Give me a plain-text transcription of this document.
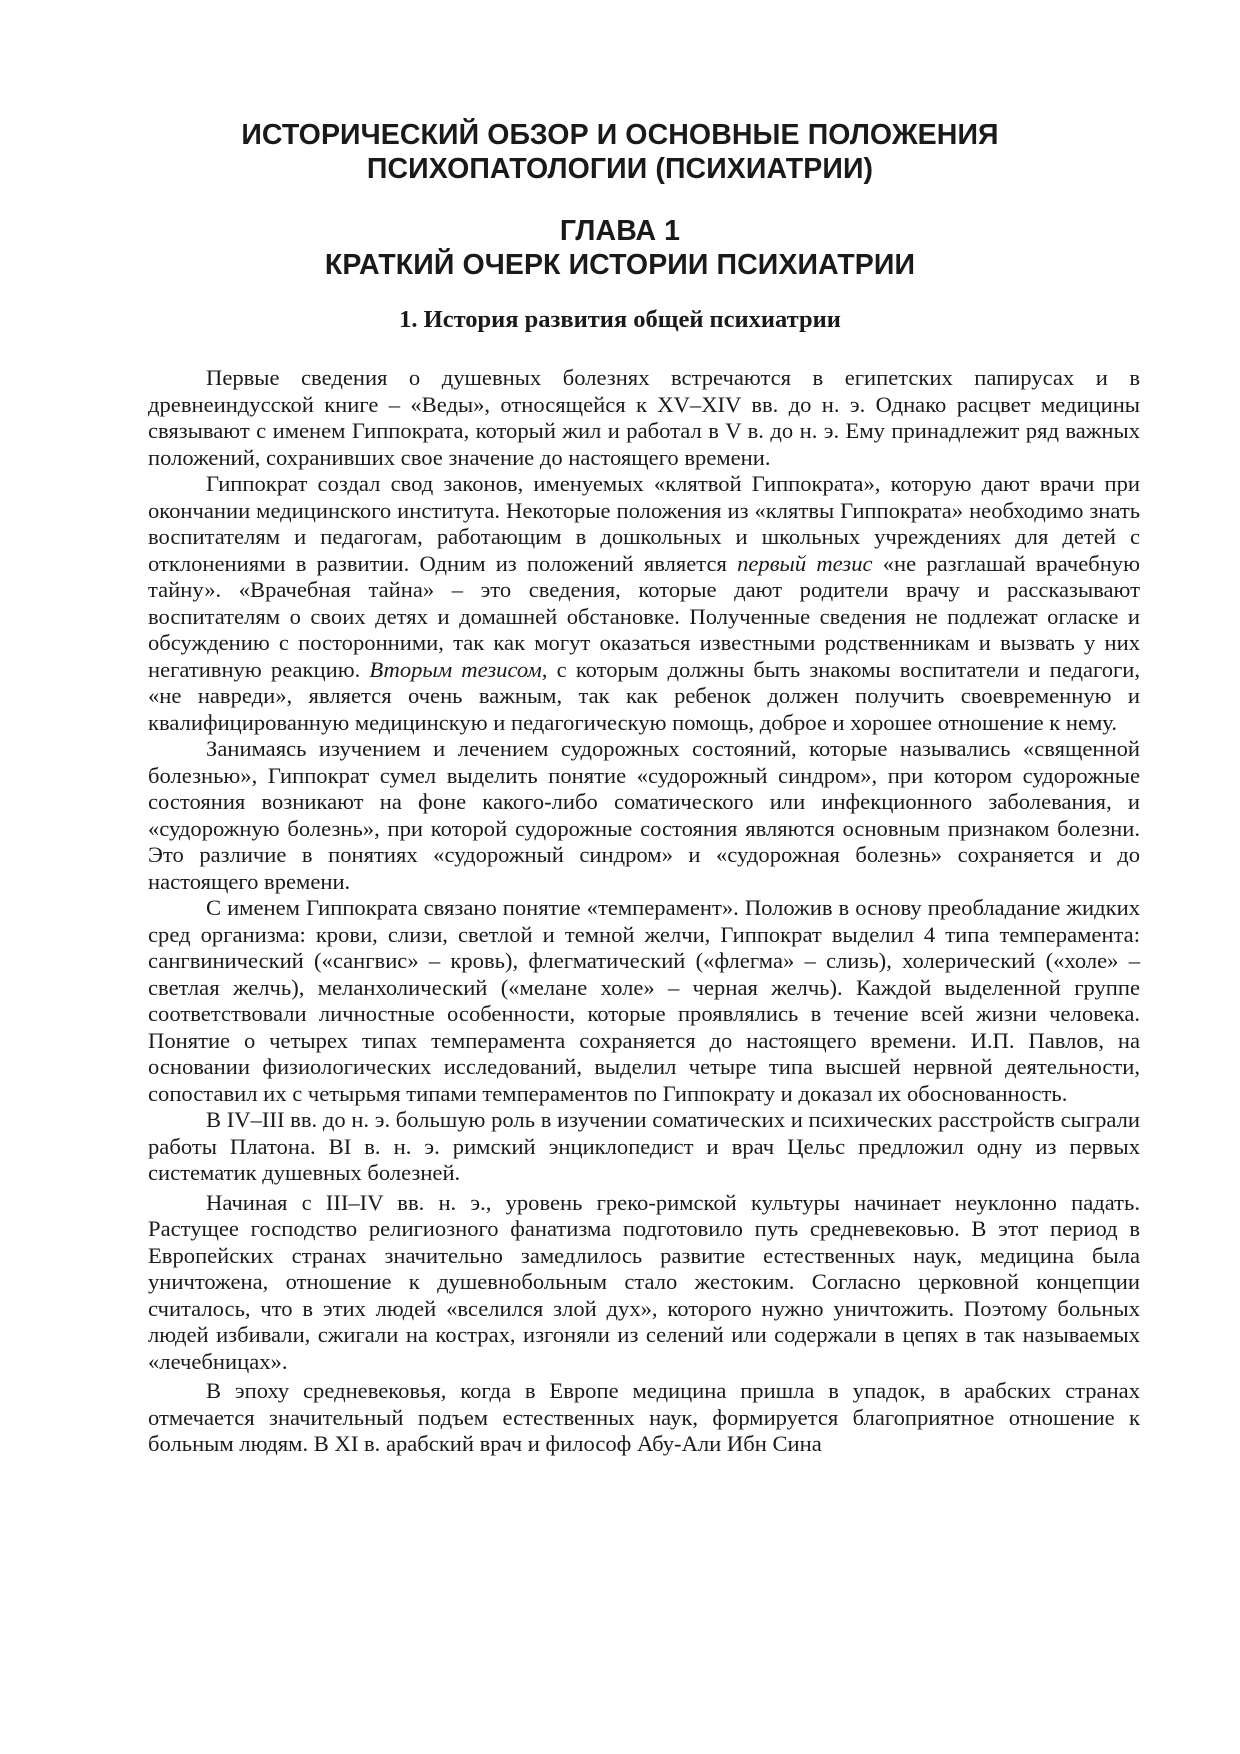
ИСТОРИЧЕСКИЙ ОБЗОР И ОСНОВНЫЕ ПОЛОЖЕНИЯ
ПСИХОПАТОЛОГИИ (ПСИХИАТРИИ)
ГЛАВА 1
КРАТКИЙ ОЧЕРК ИСТОРИИ ПСИХИАТРИИ
1. История развития общей психиатрии

Первые сведения о душевных болезнях встречаются в египетских папирусах и в древнеиндусской книге – «Веды», относящейся к XV–XIV вв. до н. э. Однако расцвет медицины связывают с именем Гиппократа, который жил и работал в V в. до н. э. Ему принадлежит ряд важных положений, сохранивших свое значение до настоящего времени.

Гиппократ создал свод законов, именуемых «клятвой Гиппократа», которую дают врачи при окончании медицинского института. Некоторые положения из «клятвы Гиппократа» необходимо знать воспитателям и педагогам, работающим в дошкольных и школьных учреждениях для детей с отклонениями в развитии. Одним из положений является первый тезис «не разглашай врачебную тайну». «Врачебная тайна» – это сведения, которые дают родители врачу и рассказывают воспитателям о своих детях и домашней обстановке. Полученные сведения не подлежат огласке и обсуждению с посторонними, так как могут оказаться известными родственникам и вызвать у них негативную реакцию. Вторым тезисом, с которым должны быть знакомы воспитатели и педагоги, «не навреди», является очень важным, так как ребенок должен получить своевременную и квалифицированную медицинскую и педагогическую помощь, доброе и хорошее отношение к нему.

Занимаясь изучением и лечением судорожных состояний, которые назывались «священной болезнью», Гиппократ сумел выделить понятие «судорожный синдром», при котором судорожные состояния возникают на фоне какого-либо соматического или инфекционного заболевания, и «судорожную болезнь», при которой судорожные состояния являются основным признаком болезни. Это различие в понятиях «судорожный синдром» и «судорожная болезнь» сохраняется и до настоящего времени.

С именем Гиппократа связано понятие «темперамент». Положив в основу преобладание жидких сред организма: крови, слизи, светлой и темной желчи, Гиппократ выделил 4 типа темперамента: сангвинический («сангвис» – кровь), флегматический («флегма» – слизь), холерический («холе» – светлая желчь), меланхолический («мелане холе» – черная желчь). Каждой выделенной группе соответствовали личностные особенности, которые проявлялись в течение всей жизни человека. Понятие о четырех типах темперамента сохраняется до настоящего времени. И.П. Павлов, на основании физиологических исследований, выделил четыре типа высшей нервной деятельности, сопоставил их с четырьмя типами темпераментов по Гиппократу и доказал их обоснованность.

В IV–III вв. до н. э. большую роль в изучении соматических и психических расстройств сыграли работы Платона. BI в. н. э. римский энциклопедист и врач Цельс предложил одну из первых систематик душевных болезней.

Начиная с III–IV вв. н. э., уровень греко-римской культуры начинает неуклонно падать. Растущее господство религиозного фанатизма подготовило путь средневековью. В этот период в Европейских странах значительно замедлилось развитие естественных наук, медицина была уничтожена, отношение к душевнобольным стало жестоким. Согласно церковной концепции считалось, что в этих людей «вселился злой дух», которого нужно уничтожить. Поэтому больных людей избивали, сжигали на кострах, изгоняли из селений или содержали в цепях в так называемых «лечебницах».

В эпоху средневековья, когда в Европе медицина пришла в упадок, в арабских странах отмечается значительный подъем естественных наук, формируется благоприятное отношение к больным людям. В XI в. арабский врач и философ Абу-Али Ибн Сина
